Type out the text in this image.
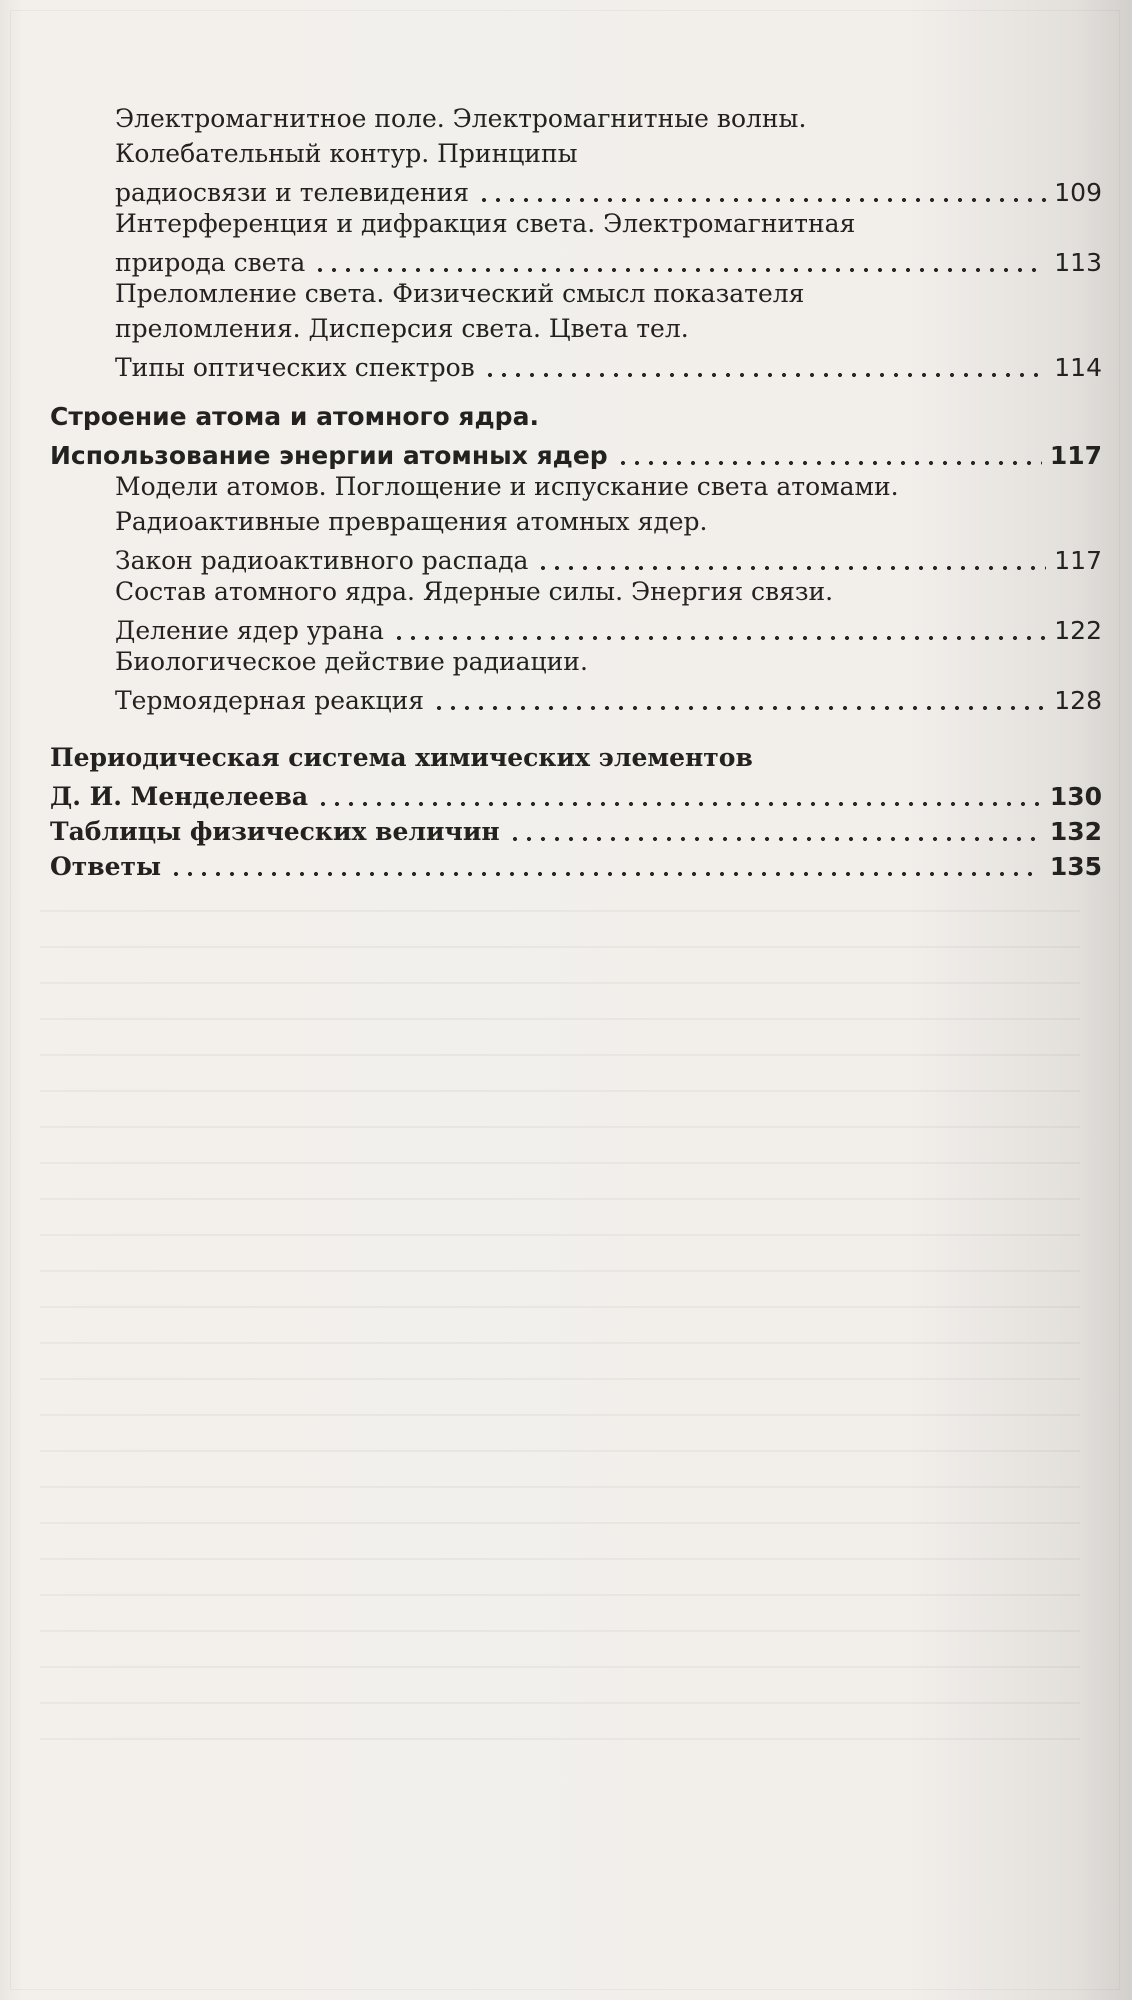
Электромагнитное поле. Электромагнитные волны.
Колебательный контур. Принципы
радиосвязи и телевидения	109
Интерференция и дифракция света. Электромагнитная
природа света	113
Преломление света. Физический смысл показателя
преломления. Дисперсия света. Цвета тел.
Типы оптических спектров	114
Строение атома и атомного ядра.
Использование энергии атомных ядер	117
Модели атомов. Поглощение и испускание света атомами.
Радиоактивные превращения атомных ядер.
Закон радиоактивного распада	117
Состав атомного ядра. Ядерные силы. Энергия связи.
Деление ядер урана	122
Биологическое действие радиации.
Термоядерная реакция	128
Периодическая система химических элементов
Д. И. Менделеева	130
Таблицы физических величин	132
Ответы	135
